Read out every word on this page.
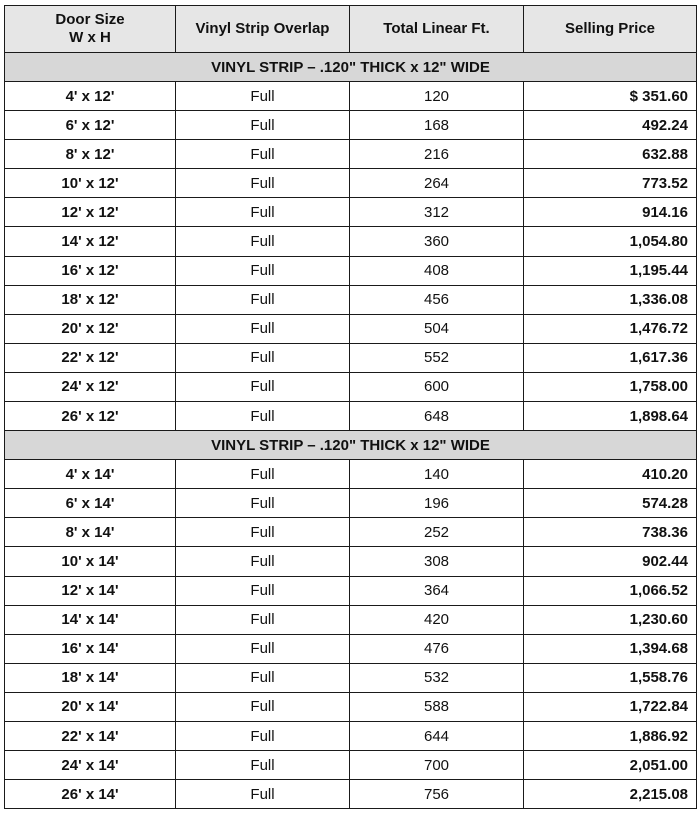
Door Size
W x H	Vinyl Strip Overlap	Total Linear Ft.	Selling Price
VINYL STRIP – .120" THICK x 12" WIDE			
4' x 12'	Full	120	$ 351.60
6' x 12'	Full	168	492.24
8' x 12'	Full	216	632.88
10' x 12'	Full	264	773.52
12' x 12'	Full	312	914.16
14' x 12'	Full	360	1,054.80
16' x 12'	Full	408	1,195.44
18' x 12'	Full	456	1,336.08
20' x 12'	Full	504	1,476.72
22' x 12'	Full	552	1,617.36
24' x 12'	Full	600	1,758.00
26' x 12'	Full	648	1,898.64
VINYL STRIP – .120" THICK x 12" WIDE			
4' x 14'	Full	140	410.20
6' x 14'	Full	196	574.28
8' x 14'	Full	252	738.36
10' x 14'	Full	308	902.44
12' x 14'	Full	364	1,066.52
14' x 14'	Full	420	1,230.60
16' x 14'	Full	476	1,394.68
18' x 14'	Full	532	1,558.76
20' x 14'	Full	588	1,722.84
22' x 14'	Full	644	1,886.92
24' x 14'	Full	700	2,051.00
26' x 14'	Full	756	2,215.08
